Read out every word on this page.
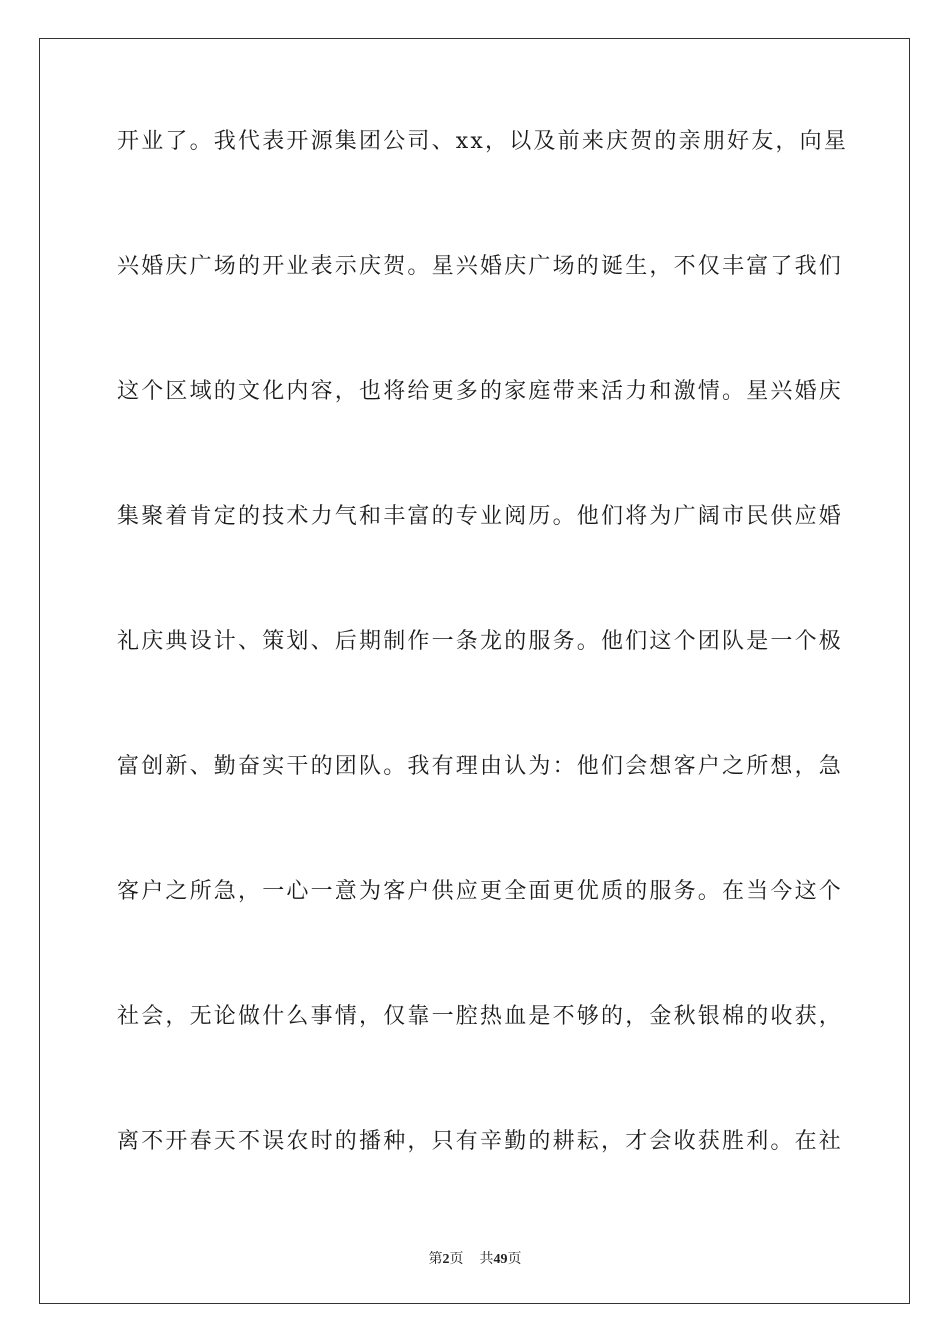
开业了。我代表开源集团公司、xx，以及前来庆贺的亲朋好友，向星
兴婚庆广场的开业表示庆贺。星兴婚庆广场的诞生，不仅丰富了我们
这个区域的文化内容，也将给更多的家庭带来活力和激情。星兴婚庆
集聚着肯定的技术力气和丰富的专业阅历。他们将为广阔市民供应婚
礼庆典设计、策划、后期制作一条龙的服务。他们这个团队是一个极
富创新、勤奋实干的团队。我有理由认为：他们会想客户之所想，急
客户之所急，一心一意为客户供应更全面更优质的服务。在当今这个
社会，无论做什么事情，仅靠一腔热血是不够的，金秋银棉的收获，
离不开春天不误农时的播种，只有辛勤的耕耘，才会收获胜利。在社
第2页 共49页
